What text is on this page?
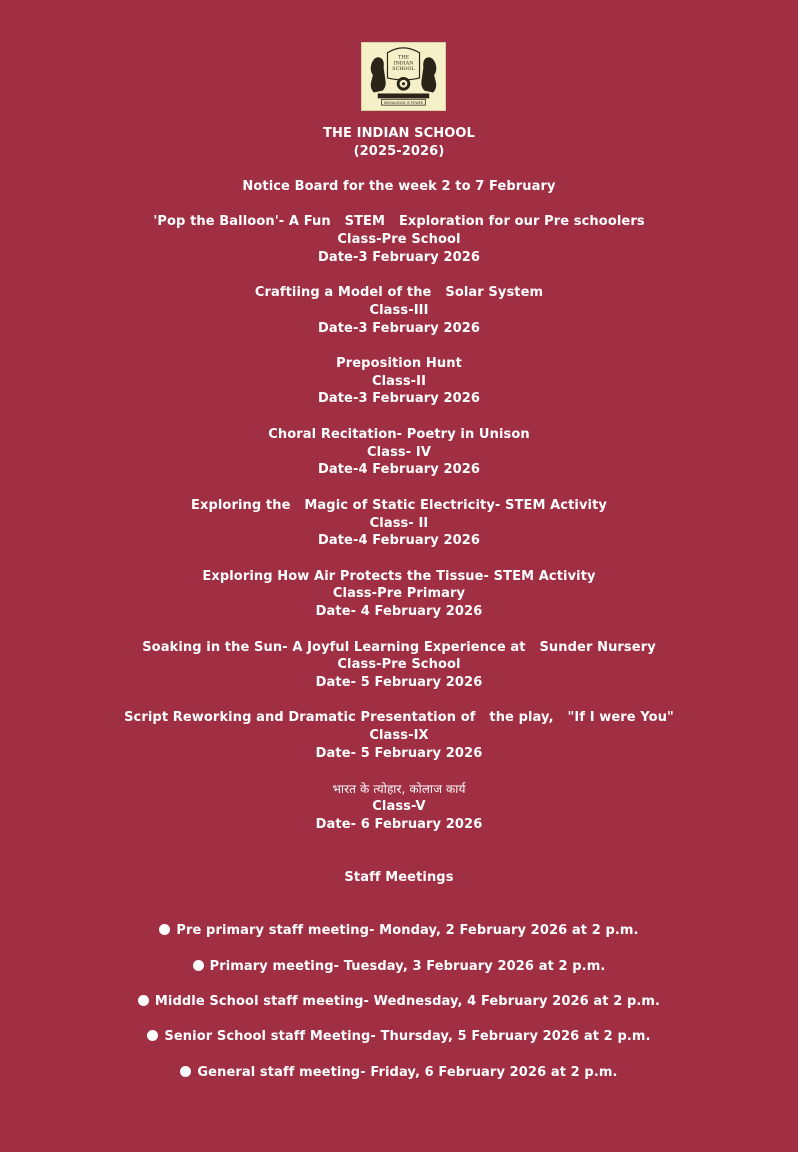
THE
INDIAN
SCHOOL
KNOWLEDGE IS POWER
THE INDIAN SCHOOL
(2025-2026)
Notice Board for the week 2 to 7 February
'Pop the Balloon'- A Fun   STEM   Exploration for our Pre schoolers
Class-Pre School
Date-3 February 2026
Craftiing a Model of the   Solar System
Class-III
Date-3 February 2026
Preposition Hunt
Class-II
Date-3 February 2026
Choral Recitation- Poetry in Unison
Class- IV
Date-4 February 2026
Exploring the   Magic of Static Electricity- STEM Activity
Class- II
Date-4 February 2026
Exploring How Air Protects the Tissue- STEM Activity
Class-Pre Primary
Date- 4 February 2026
Soaking in the Sun- A Joyful Learning Experience at   Sunder Nursery
Class-Pre School
Date- 5 February 2026
Script Reworking and Dramatic Presentation of   the play,   "If I were You"
Class-IX
Date- 5 February 2026
भारत के त्योहार, कोलाज कार्य
Class-V
Date- 6 February 2026
Staff Meetings
Pre primary staff meeting- Monday, 2 February 2026 at 2 p.m.
Primary meeting- Tuesday, 3 February 2026 at 2 p.m.
Middle School staff meeting- Wednesday, 4 February 2026 at 2 p.m.
Senior School staff Meeting- Thursday, 5 February 2026 at 2 p.m.
General staff meeting- Friday, 6 February 2026 at 2 p.m.
